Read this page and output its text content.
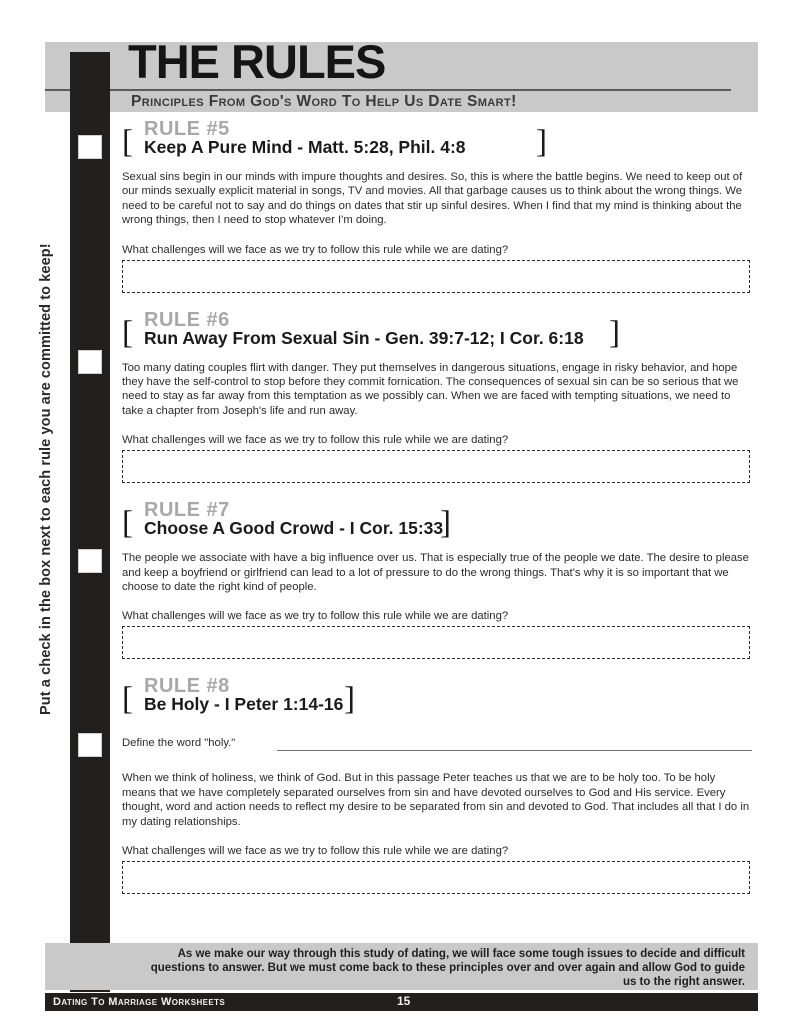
Put a check in the box next to each rule you are committed to keep!
THE RULES
Principles From God's Word To Help Us Date Smart!
[ RULE #5
Keep A Pure Mind - Matt. 5:28, Phil. 4:8 ]
Sexual sins begin in our minds with impure thoughts and desires. So, this is where the battle begins. We need to keep out of our minds sexually explicit material in songs, TV and movies. All that garbage causes us to think about the wrong things. We need to be careful not to say and do things on dates that stir up sinful desires. When I find that my mind is thinking about the wrong things, then I need to stop whatever I'm doing.
What challenges will we face as we try to follow this rule while we are dating?
[ RULE #6
Run Away From Sexual Sin - Gen. 39:7-12; I Cor. 6:18 ]
Too many dating couples flirt with danger. They put themselves in dangerous situations, engage in risky behavior, and hope they have the self-control to stop before they commit fornication. The consequences of sexual sin can be so serious that we need to stay as far away from this temptation as we possibly can. When we are faced with tempting situations, we need to take a chapter from Joseph's life and run away.
What challenges will we face as we try to follow this rule while we are dating?
[ RULE #7
Choose A Good Crowd - I Cor. 15:33
]
The people we associate with have a big influence over us. That is especially true of the people we date. The desire to please and keep a boyfriend or girlfriend can lead to a lot of pressure to do the wrong things. That's why it is so important that we choose to date the right kind of people.
What challenges will we face as we try to follow this rule while we are dating?
[ RULE #8
Be Holy - I Peter 1:14-16 ]
Define the word "holy."
When we think of holiness, we think of God. But in this passage Peter teaches us that we are to be holy too. To be holy means that we have completely separated ourselves from sin and have devoted ourselves to God and His service. Every thought, word and action needs to reflect my desire to be separated from sin and devoted to God. That includes all that I do in my dating relationships.
What challenges will we face as we try to follow this rule while we are dating?
As we make our way through this study of dating, we will face some tough issues to decide and difficult questions to answer. But we must come back to these principles over and over again and allow God to guide us to the right answer.
Dating To Marriage Worksheets	15
